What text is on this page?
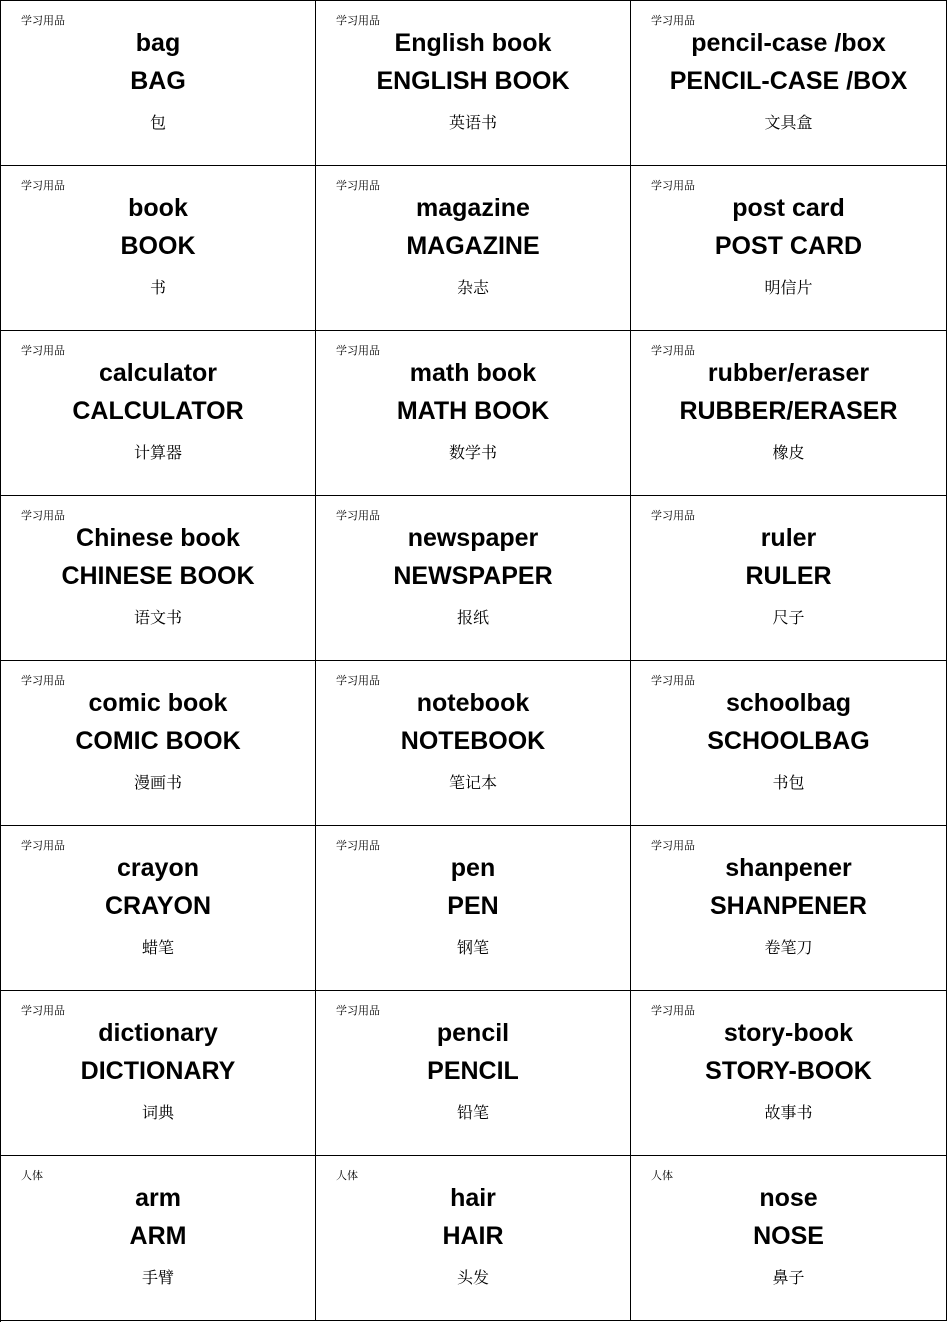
学习用品
bag
BAG
包
学习用品
English book
ENGLISH BOOK
英语书
学习用品
pencil-case /box
PENCIL-CASE /BOX
文具盒
学习用品
book
BOOK
书
学习用品
magazine
MAGAZINE
杂志
学习用品
post card
POST CARD
明信片
学习用品
calculator
CALCULATOR
计算器
学习用品
math book
MATH BOOK
数学书
学习用品
rubber/eraser
RUBBER/ERASER
橡皮
学习用品
Chinese book
CHINESE BOOK
语文书
学习用品
newspaper
NEWSPAPER
报纸
学习用品
ruler
RULER
尺子
学习用品
comic book
COMIC BOOK
漫画书
学习用品
notebook
NOTEBOOK
笔记本
学习用品
schoolbag
SCHOOLBAG
书包
学习用品
crayon
CRAYON
蜡笔
学习用品
pen
PEN
钢笔
学习用品
shanpener
SHANPENER
卷笔刀
学习用品
dictionary
DICTIONARY
词典
学习用品
pencil
PENCIL
铅笔
学习用品
story-book
STORY-BOOK
故事书
人体
arm
ARM
手臂
人体
hair
HAIR
头发
人体
nose
NOSE
鼻子
